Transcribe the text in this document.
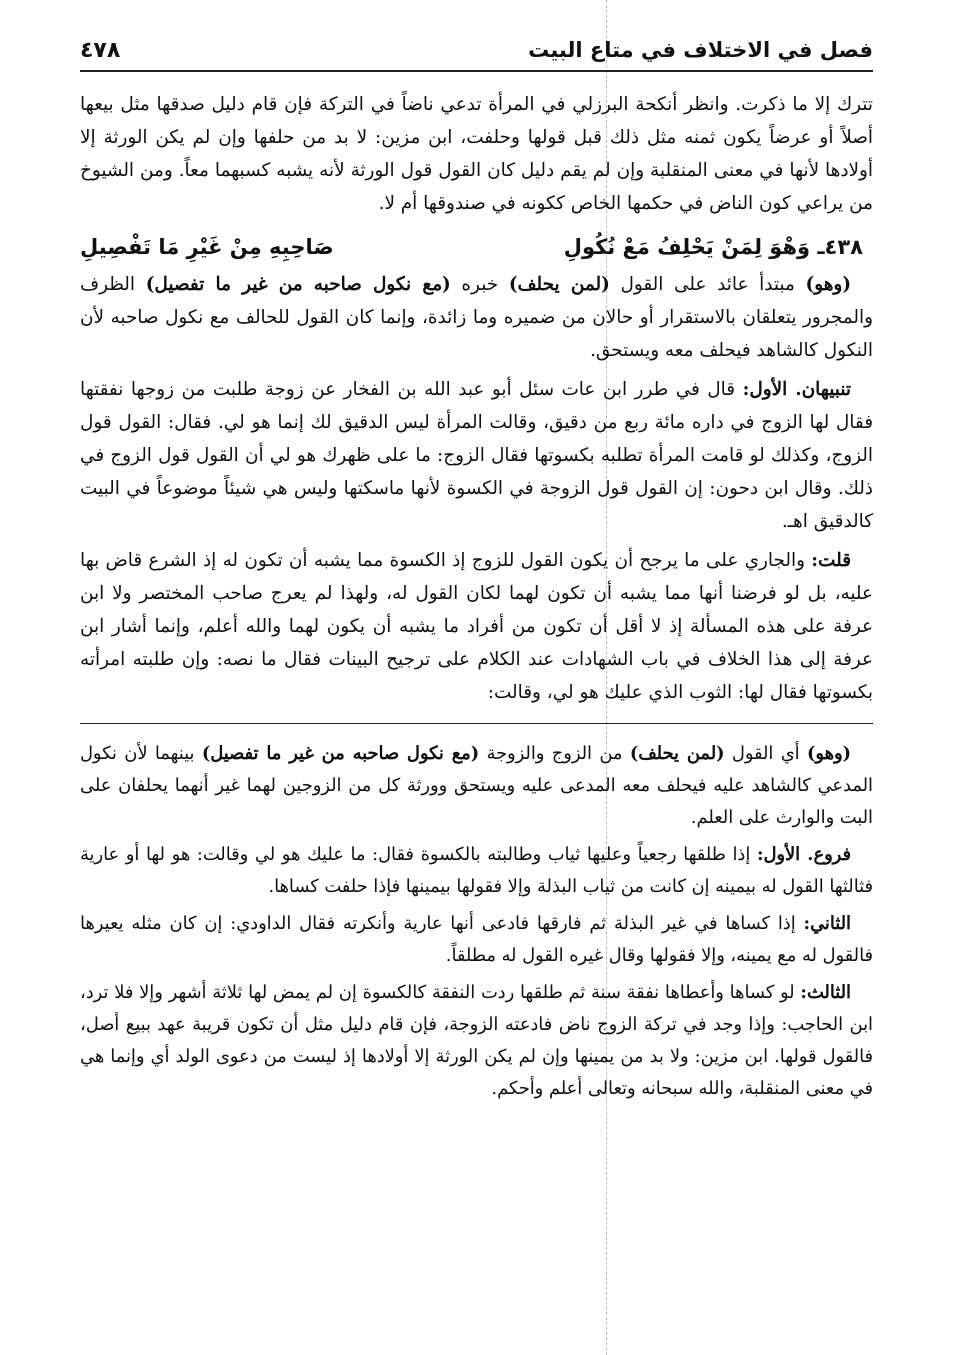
فصل في الاختلاف في متاع البيت
٤٧٨

تترك إلا ما ذكرت. وانظر أنكحة البرزلي في المرأة تدعي ناضاً في التركة فإن قام دليل صدقها مثل بيعها أصلاً أو عرضاً يكون ثمنه مثل ذلك قبل قولها وحلفت، ابن مزين: لا بد من حلفها وإن لم يكن الورثة إلا أولادها لأنها في معنى المنقلبة وإن لم يقم دليل كان القول قول الورثة لأنه يشبه كسبهما معاً. ومن الشيوخ من يراعي كون الناض في حكمها الخاص ككونه في صندوقها أم لا.

٤٣٨ـ وَهْوَ لِمَنْ يَحْلِفُ مَعْ نُكُولِ
صَاحِبِهِ مِنْ غَيْرِ مَا تَفْصِيلِ

(وهو) مبتدأ عائد على القول (لمن يحلف) خبره (مع نكول صاحبه من غير ما تفصيل) الظرف والمجرور يتعلقان بالاستقرار أو حالان من ضميره وما زائدة، وإنما كان القول للحالف مع نكول صاحبه لأن النكول كالشاهد فيحلف معه ويستحق.

تنبيهان. الأول: قال في طرر ابن عات سئل أبو عبد الله بن الفخار عن زوجة طلبت من زوجها نفقتها فقال لها الزوج في داره مائة ربع من دقيق، وقالت المرأة ليس الدقيق لك إنما هو لي. فقال: القول قول الزوج، وكذلك لو قامت المرأة تطلبه بكسوتها فقال الزوج: ما على ظهرك هو لي أن القول قول الزوج في ذلك. وقال ابن دحون: إن القول قول الزوجة في الكسوة لأنها ماسكتها وليس هي شيئاً موضوعاً في البيت كالدقيق اهـ.

قلت: والجاري على ما يرجح أن يكون القول للزوج إذ الكسوة مما يشبه أن تكون له إذ الشرع قاض بها عليه، بل لو فرضنا أنها مما يشبه أن تكون لهما لكان القول له، ولهذا لم يعرج صاحب المختصر ولا ابن عرفة على هذه المسألة إذ لا أقل أن تكون من أفراد ما يشبه أن يكون لهما والله أعلم، وإنما أشار ابن عرفة إلى هذا الخلاف في باب الشهادات عند الكلام على ترجيح البينات فقال ما نصه: وإن طلبته امرأته بكسوتها فقال لها: الثوب الذي عليك هو لي، وقالت:

(وهو) أي القول (لمن يحلف) من الزوج والزوجة (مع نكول صاحبه من غير ما تفصيل) بينهما لأن نكول المدعي كالشاهد عليه فيحلف معه المدعى عليه ويستحق وورثة كل من الزوجين لهما غير أنهما يحلفان على البت والوارث على العلم.

فروع. الأول: إذا طلقها رجعياً وعليها ثياب وطالبته بالكسوة فقال: ما عليك هو لي وقالت: هو لها أو عارية فثالثها القول له بيمينه إن كانت من ثياب البذلة وإلا فقولها بيمينها فإذا حلفت كساها.

الثاني: إذا كساها في غير البذلة ثم فارقها فادعى أنها عارية وأنكرته فقال الداودي: إن كان مثله يعيرها فالقول له مع يمينه، وإلا فقولها وقال غيره القول له مطلقاً.

الثالث: لو كساها وأعطاها نفقة سنة ثم طلقها ردت النفقة كالكسوة إن لم يمض لها ثلاثة أشهر وإلا فلا ترد، ابن الحاجب: وإذا وجد في تركة الزوج ناض فادعته الزوجة، فإن قام دليل مثل أن تكون قريبة عهد ببيع أصل، فالقول قولها. ابن مزين: ولا بد من يمينها وإن لم يكن الورثة إلا أولادها إذ ليست من دعوى الولد أي وإنما هي في معنى المنقلبة، والله سبحانه وتعالى أعلم وأحكم.
